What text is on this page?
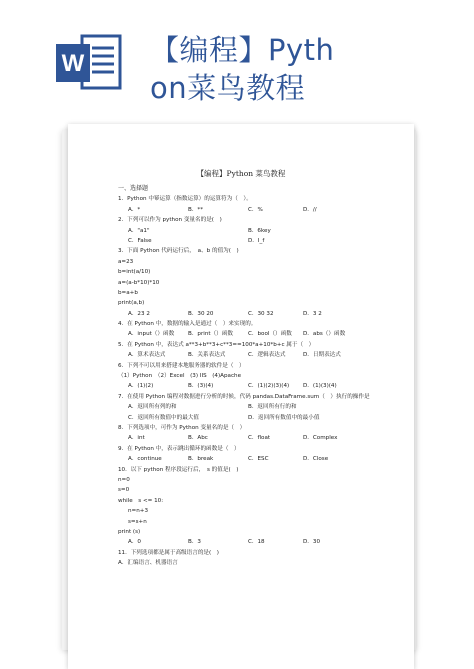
W 【编程】Pyth
on菜鸟教程
【编程】Python 菜鸟教程
一、选择题
1．Python 中幂运算（指数运算）的运算符为（　）。
A．*	B．**	C．%	D．//
2．下列可以作为 python 变量名的是(　)
A．"a1"	B．6key
C．False	D．I_f
3．下面 Python 代码运行后，　a、b 的值为(　)
a=23
b=int(a/10)
a=(a-b*10)*10
b=a+b
print(a,b)
A．23 2	B．30 20	C．30 32	D．3 2
4．在 Python 中，数据的输入是通过（　）来实现的。
A．input（）函数 B．print（）函数	C．bool（）函数 D．abs（）函数
5．在 Python 中，表达式 a**3+b**3+c**3==100*a+10*b+c 属于（　）
A．算术表达式	B．关系表达式	C．逻辑表达式	D．日期表达式
6．下列不可以用来搭建本地服务器的软件是（　）
（1）Python　（2）Excel　(3) IIS　(4)Apache
A．(1)(2)	B．(3)(4)	C．(1)(2)(3)(4) D．(1)(3)(4)
7．在使用 Python 编程对数据进行分析的时候，代码 pandas.DataFrame.sum（　）执行的操作是
A．返回所有列的和	B．返回所有行的和
C．返回所有数值中的最大值	D．返回所有数值中的最小值
8．下列选项中，可作为 Python 变量名的是（　）
A．int	B．Abc	C．float	D．Complex
9．在 Python 中，表示跳出循环的函数是（　）
A．continue	B．break	C．ESC	D．Close
10．以下 python 程序段运行后，　s 的值是(　)
n=0
s=0
while　s <= 10:
n=n+3
s=s+n
print (s)
A．0	B．3	C．18	D．30
11．下列选项都是属于高级语言的是(　)
A．汇编语言、机器语言
